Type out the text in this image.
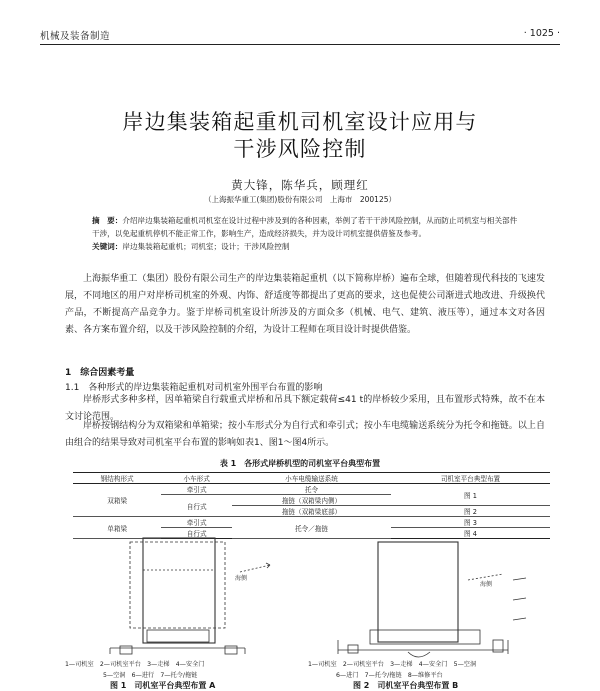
机械及装备制造	· 1025 ·
岸边集装箱起重机司机室设计应用与
干涉风险控制
黄大锋，陈华兵，顾理红
（上海振华重工(集团)股份有限公司　上海市　200125）
摘　要：介绍岸边集装箱起重机司机室在设计过程中涉及到的各种因素，举例了若干干涉风险控制，从而防止司机室与相关部件干涉，以免起重机停机不能正常工作，影响生产，造成经济损失，并为设计司机室提供借鉴及参考。
关键词：岸边集装箱起重机；司机室；设计；干涉风险控制
上海振华重工（集团）股份有限公司生产的岸边集装箱起重机（以下简称岸桥）遍布全球，但随着现代科技的飞速发展，不同地区的用户对岸桥司机室的外观、内饰、舒适度等都提出了更高的要求，这也促使公司渐进式地改进、升级换代产品，不断提高产品竞争力。鉴于岸桥司机室设计所涉及的方面众多（机械、电气、建筑、液压等），通过本文对各因素、各方案布置介绍，以及干涉风险控制的介绍，为设计工程师在项目设计时提供借鉴。
1　综合因素考量
1.1　各种形式的岸边集装箱起重机对司机室外围平台布置的影响
岸桥形式多种多样，因单箱梁自行载重式岸桥和吊具下额定载荷≤41 t的岸桥较少采用，且布置形式特殊，故不在本文讨论范围。
岸桥按钢结构分为双箱梁和单箱梁；按小车形式分为自行式和牵引式；按小车电缆输送系统分为托令和拖链。以上自由组合的结果导致对司机室平台布置的影响如表1、图1～图4所示。
表 1　各形式岸桥机型的司机室平台典型布置
钢结构形式	小车形式	小车电缆输送系统	司机室平台典型布置
双箱梁	牵引式	托令	图 1
	自行式	拖链（双箱梁内侧）	
		拖链（双箱梁底部）	图 2
单箱梁	牵引式	托令／拖链	图 3
	自行式		图 4
海侧
1—司机室　2—司机室平台　3—走梯　4—安全门
5—空洞　6—进行　7—托令/拖链
图 1　司机室平台典型布置 A
海侧
1—司机室　2—司机室平台　3—走梯　4—安全门　5—空洞
6—进门　7—托令/拖链　8—维修平台
图 2　司机室平台典型布置 B
